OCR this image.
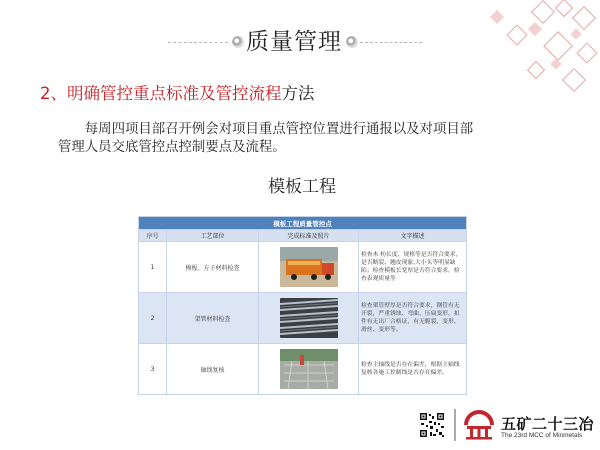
质量管理
2、明确管控重点标准及管控流程方法
每周四项目部召开例会对项目重点管控位置进行通报以及对项目部管理人员交底管控点控制要点及流程。
模板工程
模板工程质量管控点			
序号	工艺部位	完成标准及照片	文字描述
1	模板、方子材料检查		检查木 枋长度、规格等是否符合要求，是否断裂、翘皮现象,大小头等明显缺陷；检查模板长宽厚是否符合要求，检查表观质量等
2	架管材料检查		检查架管壁厚是否符合要求，钢管有无开裂，严重锈蚀、弯曲、压扁变形，扣件有无出厂合格证，有无脆裂、变形、滑丝、变形等。
3	轴线复核		检查主轴线是否存在偏差，根据主轴线复核各施工控制线是否存在偏差。
五矿二十三冶
The 23rd MCC of Minmetals
